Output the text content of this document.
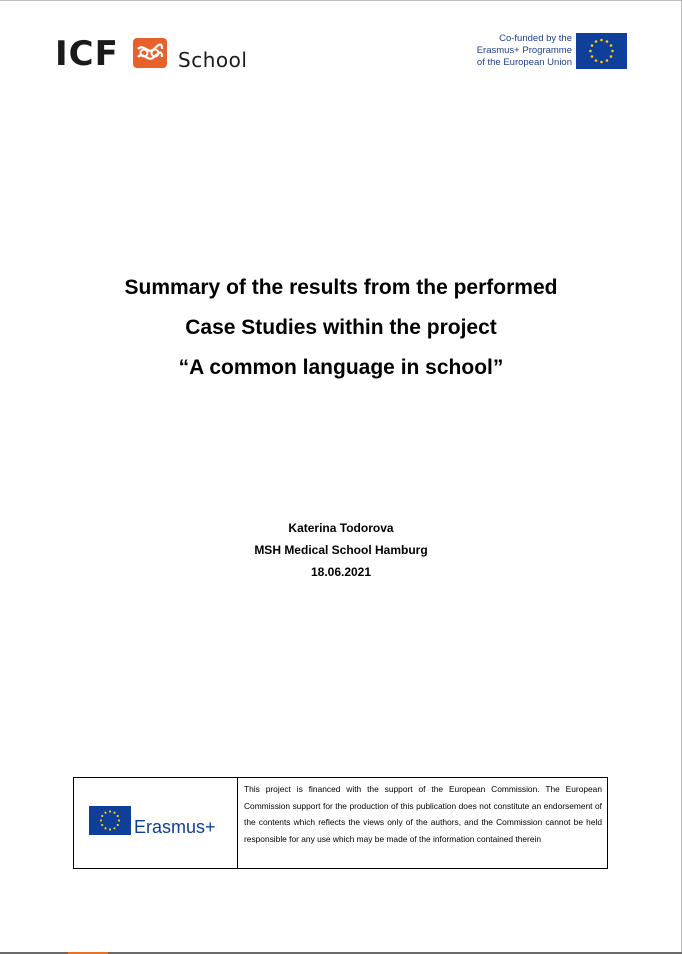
ICF	School
Co-funded by the
Erasmus+ Programme
of the European Union
Summary of the results from the performed
Case Studies within the project
“A common language in school”
Katerina Todorova
MSH Medical School Hamburg
18.06.2021
Erasmus+
This project is financed with the support of the European Commission. The European Commission support for the production of this publication does not constitute an endorsement of the contents which reflects the views only of the authors, and the Commission cannot be held responsible for any use which may be made of the information contained therein
